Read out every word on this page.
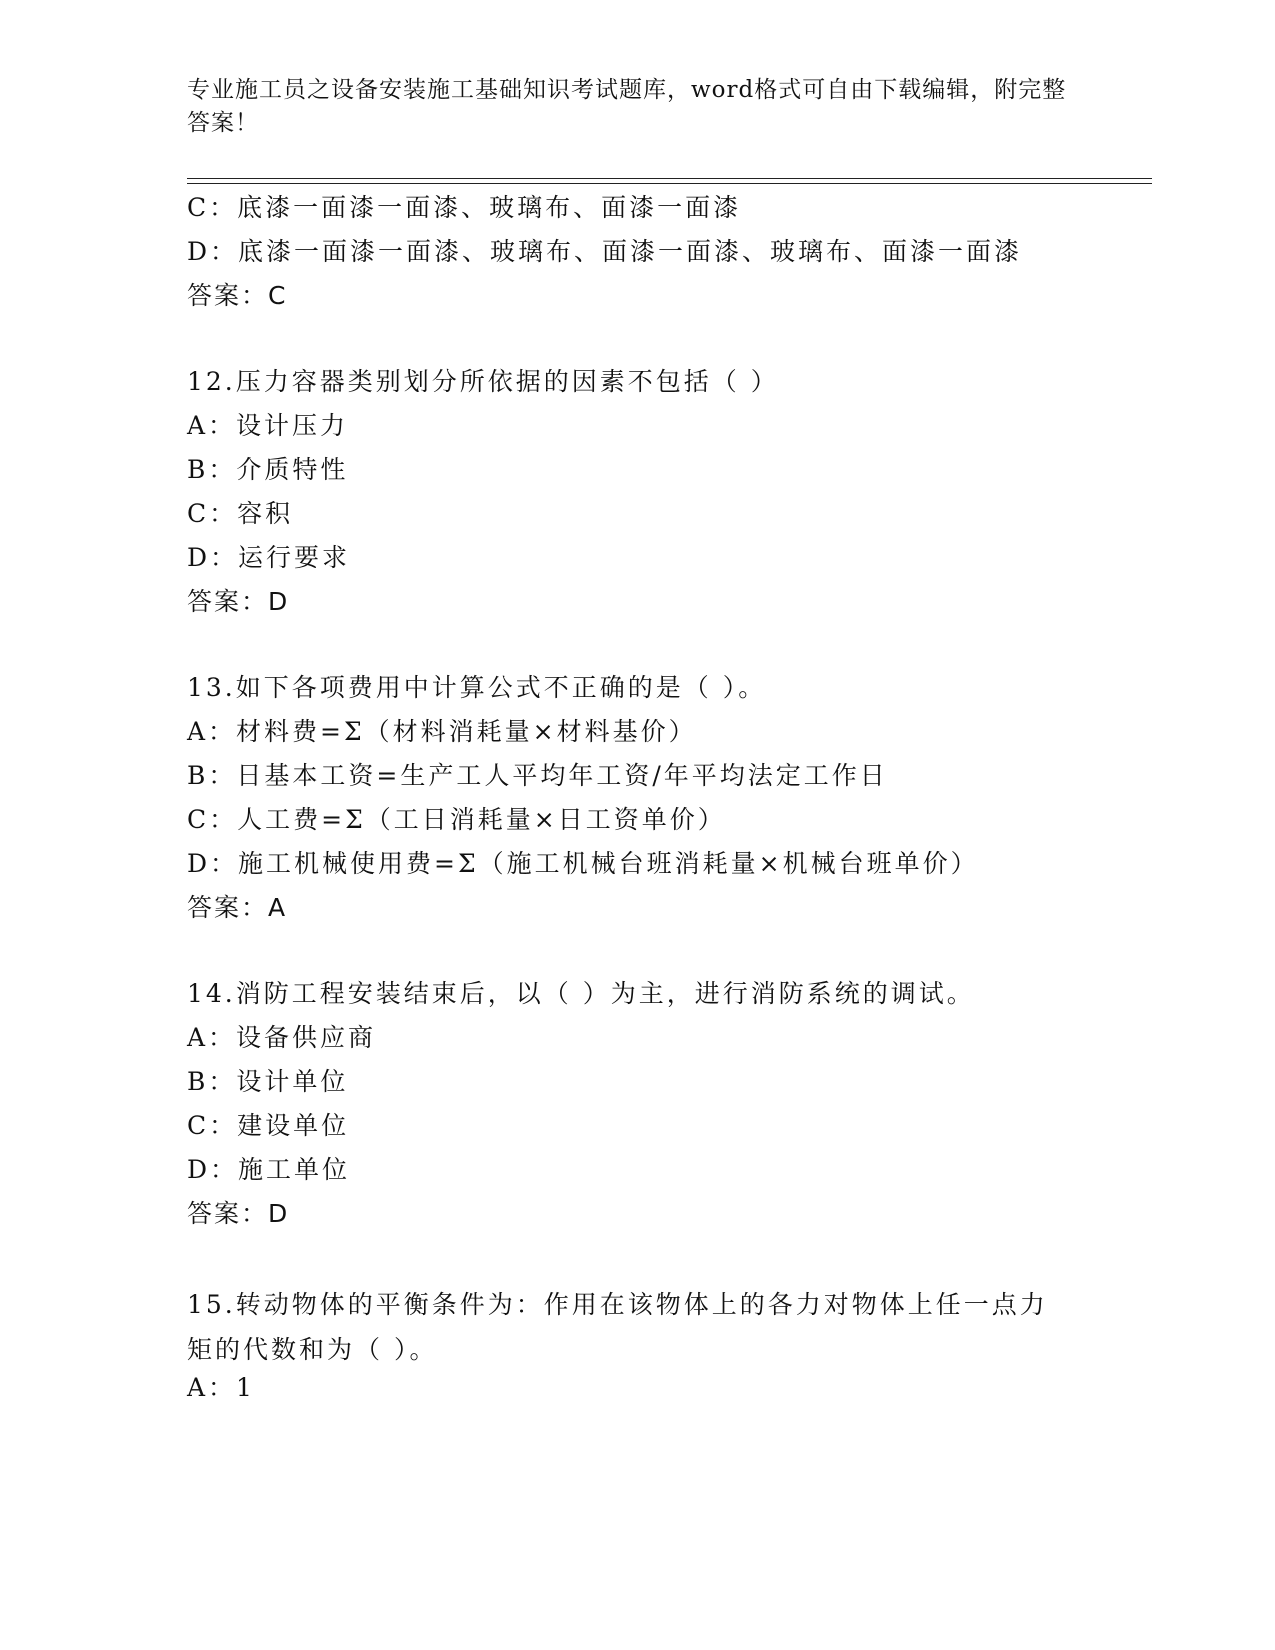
专业施工员之设备安装施工基础知识考试题库，word格式可自由下载编辑，附完整答案！

C：底漆一面漆一面漆、玻璃布、面漆一面漆

D：底漆一面漆一面漆、玻璃布、面漆一面漆、玻璃布、面漆一面漆

答案：C

12.压力容器类别划分所依据的因素不包括（ ）

A：设计压力

B：介质特性

C：容积

D：运行要求

答案：D

13.如下各项费用中计算公式不正确的是（ ）。

A：材料费=Σ（材料消耗量×材料基价）

B：日基本工资=生产工人平均年工资/年平均法定工作日

C：人工费=Σ（工日消耗量×日工资单价）

D：施工机械使用费=Σ（施工机械台班消耗量×机械台班单价）

答案：A

14.消防工程安装结束后，以（ ）为主，进行消防系统的调试。

A：设备供应商

B：设计单位

C：建设单位

D：施工单位

答案：D

15.转动物体的平衡条件为：作用在该物体上的各力对物体上任一点力矩的代数和为（ ）。

A：1
